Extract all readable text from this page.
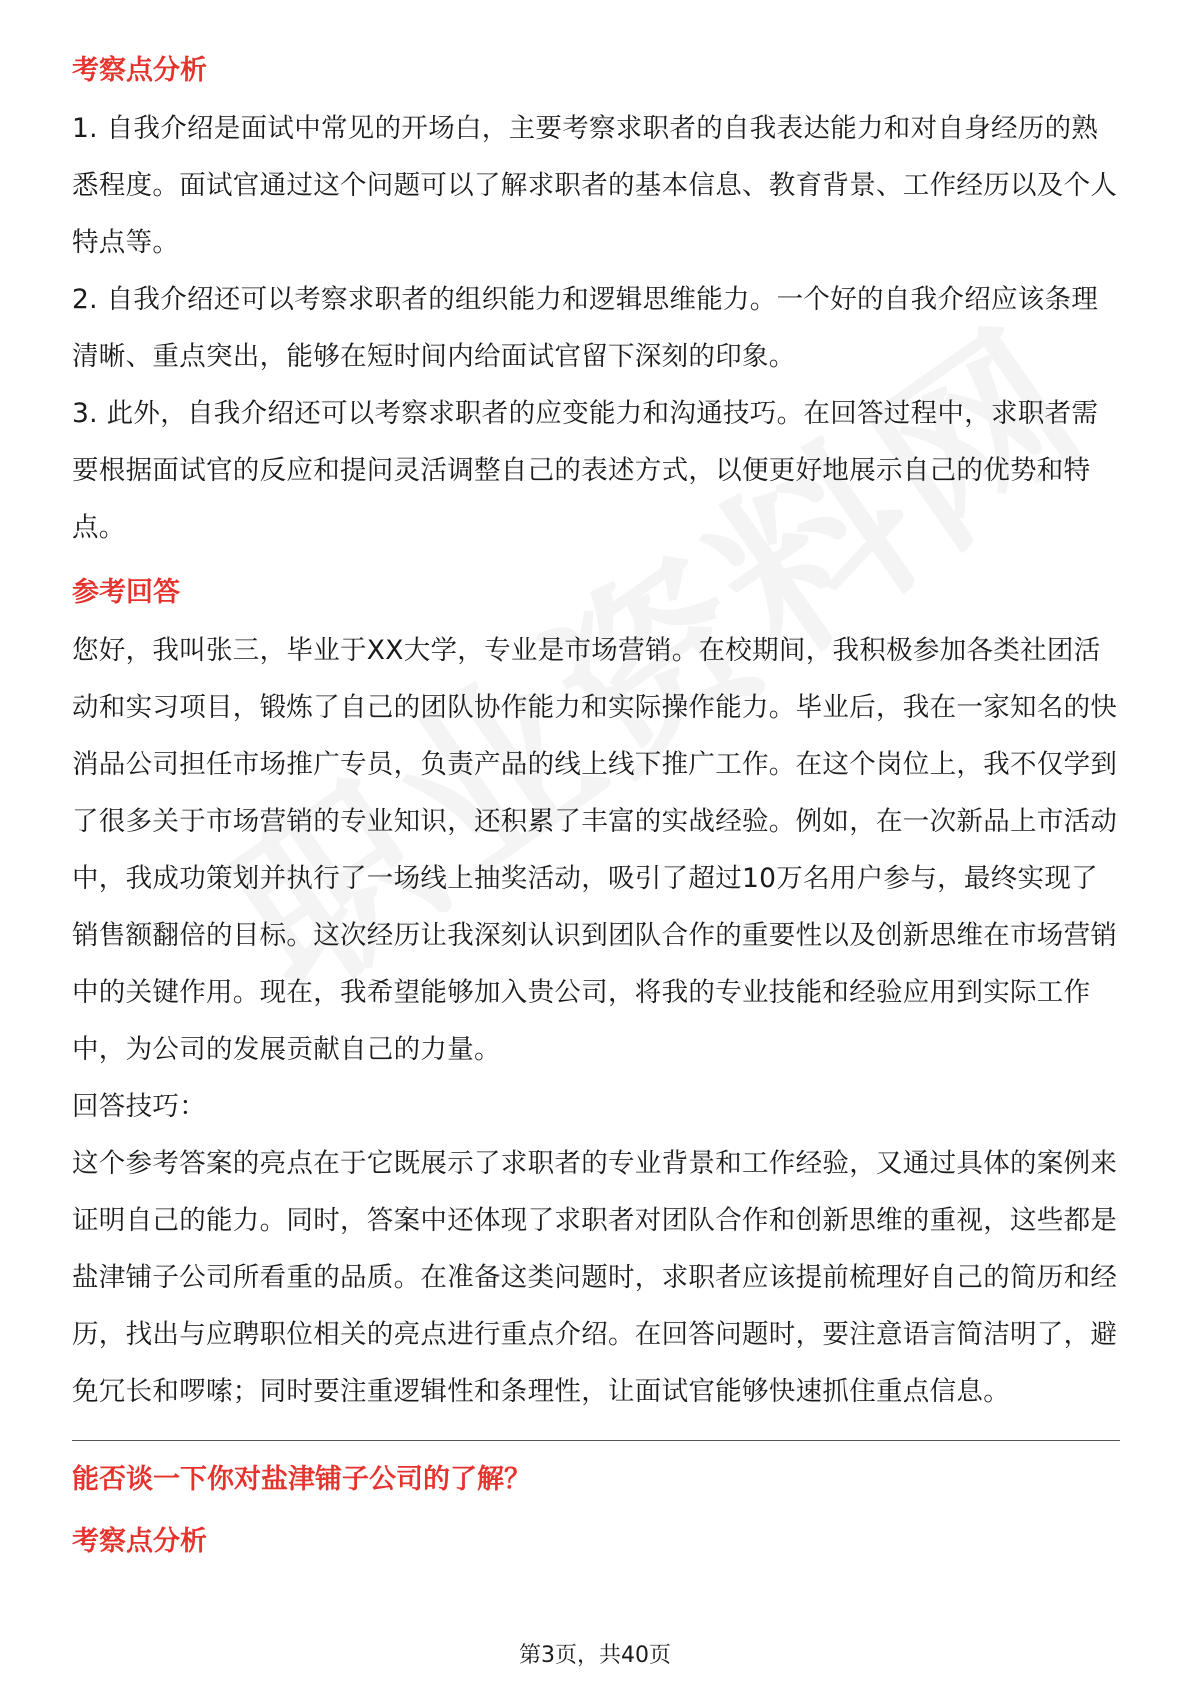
考察点分析

1. 自我介绍是面试中常见的开场白，主要考察求职者的自我表达能力和对自身经历的熟悉程度。面试官通过这个问题可以了解求职者的基本信息、教育背景、工作经历以及个人特点等。

2. 自我介绍还可以考察求职者的组织能力和逻辑思维能力。一个好的自我介绍应该条理清晰、重点突出，能够在短时间内给面试官留下深刻的印象。

3. 此外，自我介绍还可以考察求职者的应变能力和沟通技巧。在回答过程中，求职者需要根据面试官的反应和提问灵活调整自己的表述方式，以便更好地展示自己的优势和特点。

参考回答

您好，我叫张三，毕业于XX大学，专业是市场营销。在校期间，我积极参加各类社团活动和实习项目，锻炼了自己的团队协作能力和实际操作能力。毕业后，我在一家知名的快消品公司担任市场推广专员，负责产品的线上线下推广工作。在这个岗位上，我不仅学到了很多关于市场营销的专业知识，还积累了丰富的实战经验。例如，在一次新品上市活动中，我成功策划并执行了一场线上抽奖活动，吸引了超过10万名用户参与，最终实现了销售额翻倍的目标。这次经历让我深刻认识到团队合作的重要性以及创新思维在市场营销中的关键作用。现在，我希望能够加入贵公司，将我的专业技能和经验应用到实际工作中，为公司的发展贡献自己的力量。

回答技巧：

这个参考答案的亮点在于它既展示了求职者的专业背景和工作经验，又通过具体的案例来证明自己的能力。同时，答案中还体现了求职者对团队合作和创新思维的重视，这些都是盐津铺子公司所看重的品质。在准备这类问题时，求职者应该提前梳理好自己的简历和经历，找出与应聘职位相关的亮点进行重点介绍。在回答问题时，要注意语言简洁明了，避免冗长和啰嗦；同时要注重逻辑性和条理性，让面试官能够快速抓住重点信息。

能否谈一下你对盐津铺子公司的了解？
考察点分析
第3页，共40页
